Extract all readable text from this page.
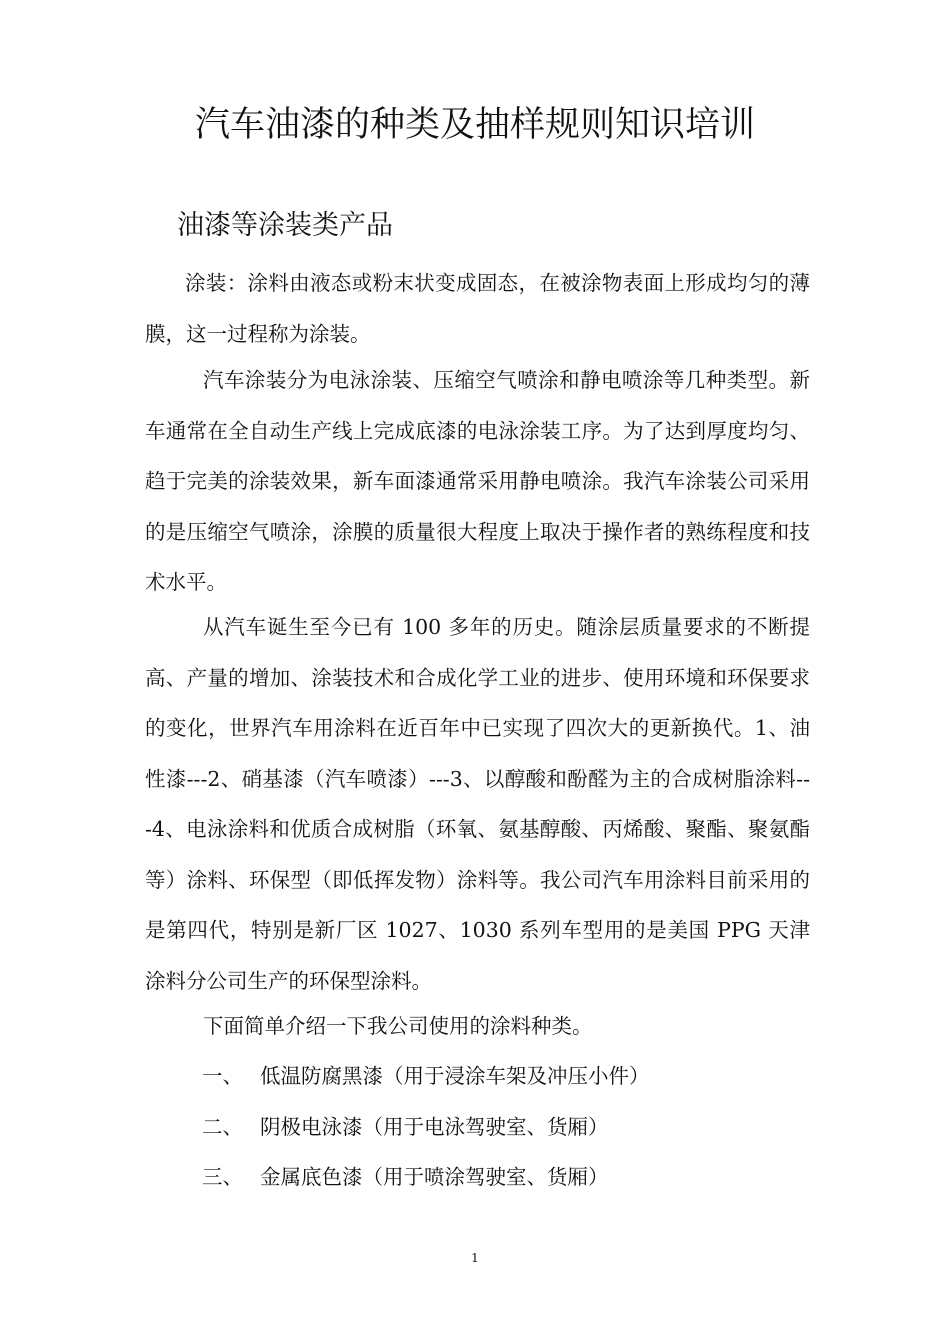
汽车油漆的种类及抽样规则知识培训
油漆等涂装类产品

涂装：涂料由液态或粉末状变成固态，在被涂物表面上形成均匀的薄膜，这一过程称为涂装。

汽车涂装分为电泳涂装、压缩空气喷涂和静电喷涂等几种类型。新车通常在全自动生产线上完成底漆的电泳涂装工序。为了达到厚度均匀、趋于完美的涂装效果，新车面漆通常采用静电喷涂。我汽车涂装公司采用的是压缩空气喷涂，涂膜的质量很大程度上取决于操作者的熟练程度和技术水平。

从汽车诞生至今已有 100 多年的历史。随涂层质量要求的不断提高、产量的增加、涂装技术和合成化学工业的进步、使用环境和环保要求的变化，世界汽车用涂料在近百年中已实现了四次大的更新换代。1、油性漆---2、硝基漆（汽车喷漆）---3、以醇酸和酚醛为主的合成树脂涂料---4、电泳涂料和优质合成树脂（环氧、氨基醇酸、丙烯酸、聚酯、聚氨酯等）涂料、环保型（即低挥发物）涂料等。我公司汽车用涂料目前采用的是第四代，特别是新厂区 1027、1030 系列车型用的是美国 PPG 天津涂料分公司生产的环保型涂料。

下面简单介绍一下我公司使用的涂料种类。

一、 低温防腐黑漆（用于浸涂车架及冲压小件）
二、 阴极电泳漆（用于电泳驾驶室、货厢）
三、 金属底色漆（用于喷涂驾驶室、货厢）
1
